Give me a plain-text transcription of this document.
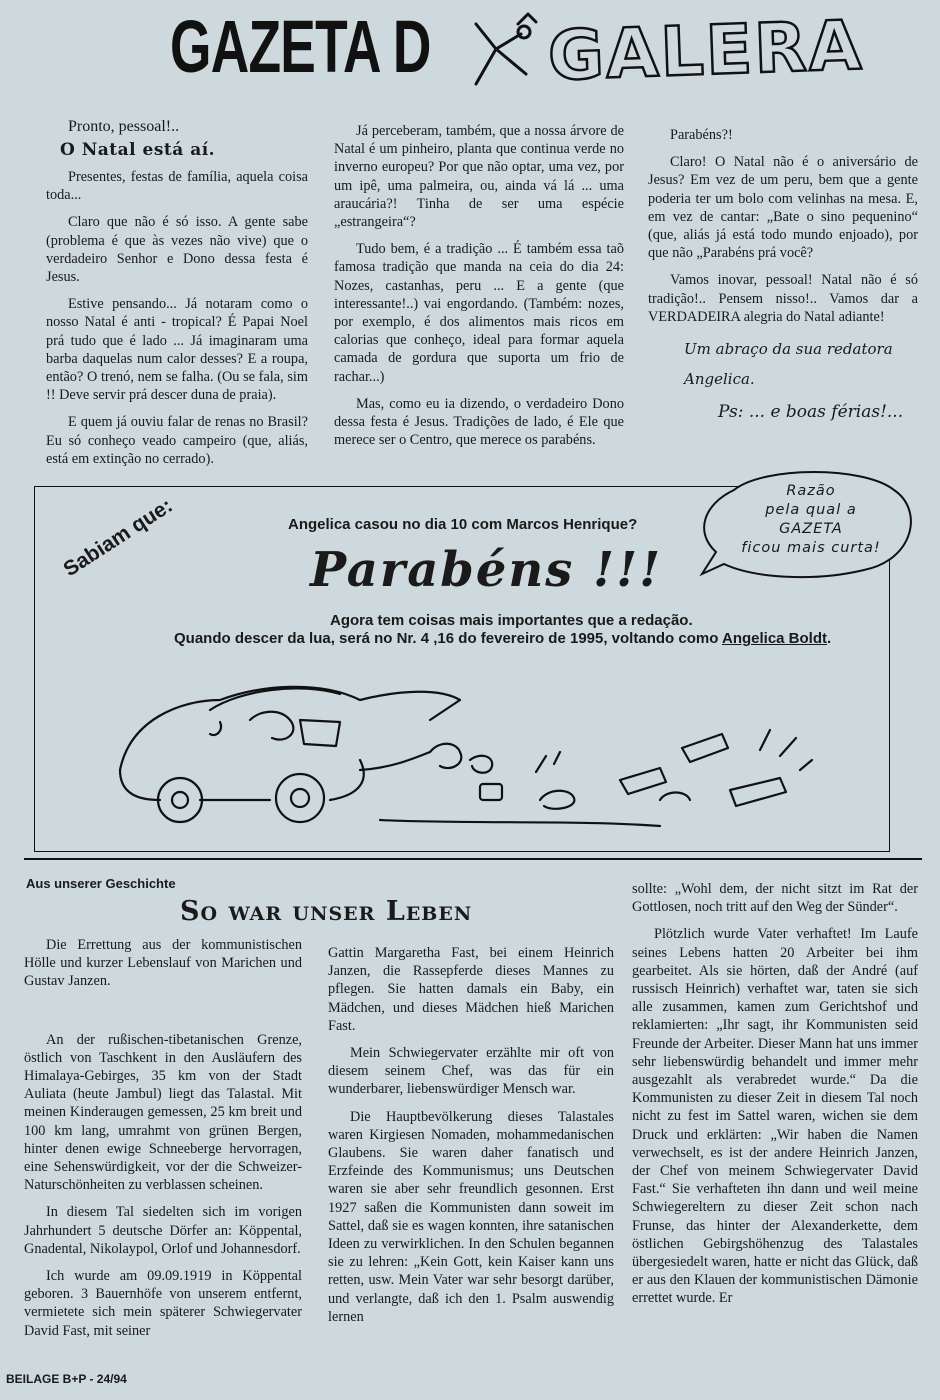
GAZETA D GALERA
Pronto, pessoal!..
O Natal está aí.

Presentes, festas de família, aquela coisa toda...

Claro que não é só isso. A gente sabe (problema é que às vezes não vive) que o verdadeiro Senhor e Dono dessa festa é Jesus.

Estive pensando... Já notaram como o nosso Natal é anti - tropical? É Papai Noel prá tudo que é lado ... Já imaginaram uma barba daquelas num calor desses? E a roupa, então? O trenó, nem se falha. (Ou se fala, sim !! Deve servir prá descer duna de praia).

E quem já ouviu falar de renas no Brasil? Eu só conheço veado campeiro (que, aliás, está em extinção no cerrado).

Já perceberam, também, que a nossa árvore de Natal é um pinheiro, planta que continua verde no inverno europeu? Por que não optar, uma vez, por um ipê, uma palmeira, ou, ainda vá lá ... uma araucária?! Tinha de ser uma espécie „estrangeira“?

Tudo bem, é a tradição ... É também essa taõ famosa tradição que manda na ceia do dia 24: Nozes, castanhas, peru ... E a gente (que interessante!..) vai engordando. (Também: nozes, por exemplo, é dos alimentos mais ricos em calorias que conheço, ideal para formar aquela camada de gordura que suporta um frio de rachar...)

Mas, como eu ia dizendo, o verdadeiro Dono dessa festa é Jesus. Tradições de lado, é Ele que merece ser o Centro, que merece os parabéns.

Parabéns?!

Claro! O Natal não é o aniversário de Jesus? Em vez de um peru, bem que a gente poderia ter um bolo com velinhas na mesa. E, em vez de cantar: „Bate o sino pequenino“ (que, aliás já está todo mundo enjoado), por que não „Parabéns prá você?

Vamos inovar, pessoal! Natal não é só tradição!.. Pensem nisso!.. Vamos dar a VERDADEIRA alegria do Natal adiante!

Um abraço da sua redatora
Angelica.
Ps: ... e boas férias!...
Razão
pela qual a
GAZETA
ficou mais curta!
Sabiam que:	Angelica casou no dia 10 com Marcos Henrique?
Parabéns !!!
Agora tem coisas mais importantes que a redação.
Quando descer da lua, será no Nr. 4 ,16 do fevereiro de 1995, voltando como Angelica Boldt.
Aus unserer Geschichte
So war unser Leben

Die Errettung aus der kommunistischen Hölle und kurzer Lebenslauf von Marichen und Gustav Janzen.

An der rußischen-tibetanischen Grenze, östlich von Taschkent in den Ausläufern des Himalaya-Gebirges, 35 km von der Stadt Auliata (heute Jambul) liegt das Talastal. Mit meinen Kinderaugen gemessen, 25 km breit und 100 km lang, umrahmt von grünen Bergen, hinter denen ewige Schneeberge hervorragen, eine Sehenswürdigkeit, vor der die Schweizer-Naturschönheiten zu verblassen scheinen.

In diesem Tal siedelten sich im vorigen Jahrhundert 5 deutsche Dörfer an: Köppental, Gnadental, Nikolaypol, Orlof und Johannesdorf.

Ich wurde am 09.09.1919 in Köppental geboren. 3 Bauernhöfe von unserem entfernt, vermietete sich mein späterer Schwiegervater David Fast, mit seiner

Gattin Margaretha Fast, bei einem Heinrich Janzen, die Rassepferde dieses Mannes zu pflegen. Sie hatten damals ein Baby, ein Mädchen, und dieses Mädchen hieß Marichen Fast.

Mein Schwiegervater erzählte mir oft von diesem seinem Chef, was das für ein wunderbarer, liebenswürdiger Mensch war.

Die Hauptbevölkerung dieses Talastales waren Kirgiesen Nomaden, mohammedanischen Glaubens. Sie waren daher fanatisch und Erzfeinde des Kommunismus; uns Deutschen waren sie aber sehr freundlich gesonnen. Erst 1927 saßen die Kommunisten dann soweit im Sattel, daß sie es wagen konnten, ihre satanischen Ideen zu verwirklichen. In den Schulen begannen sie zu lehren: „Kein Gott, kein Kaiser kann uns retten, usw. Mein Vater war sehr besorgt darüber, und verlangte, daß ich den 1. Psalm auswendig lernen

sollte: „Wohl dem, der nicht sitzt im Rat der Gottlosen, noch tritt auf den Weg der Sünder“.

Plötzlich wurde Vater verhaftet! Im Laufe seines Lebens hatten 20 Arbeiter bei ihm gearbeitet. Als sie hörten, daß der André (auf russisch Heinrich) verhaftet war, taten sie sich alle zusammen, kamen zum Gerichtshof und reklamierten: „Ihr sagt, ihr Kommunisten seid Freunde der Arbeiter. Dieser Mann hat uns immer sehr liebenswürdig behandelt und immer mehr ausgezahlt als verabredet wurde.“ Da die Kommunisten zu dieser Zeit in diesem Tal noch nicht zu fest im Sattel waren, wichen sie dem Druck und erklärten: „Wir haben die Namen verwechselt, es ist der andere Heinrich Janzen, der Chef von meinem Schwiegervater David Fast.“ Sie verhafteten ihn dann und weil meine Schwiegereltern zu dieser Zeit schon nach Frunse, das hinter der Alexanderkette, dem östlichen Gebirgshöhenzug des Talastales übergesiedelt waren, hatte er nicht das Glück, daß er aus den Klauen der kommunistischen Dämonie errettet wurde. Er

BEILAGE B+P - 24/94
